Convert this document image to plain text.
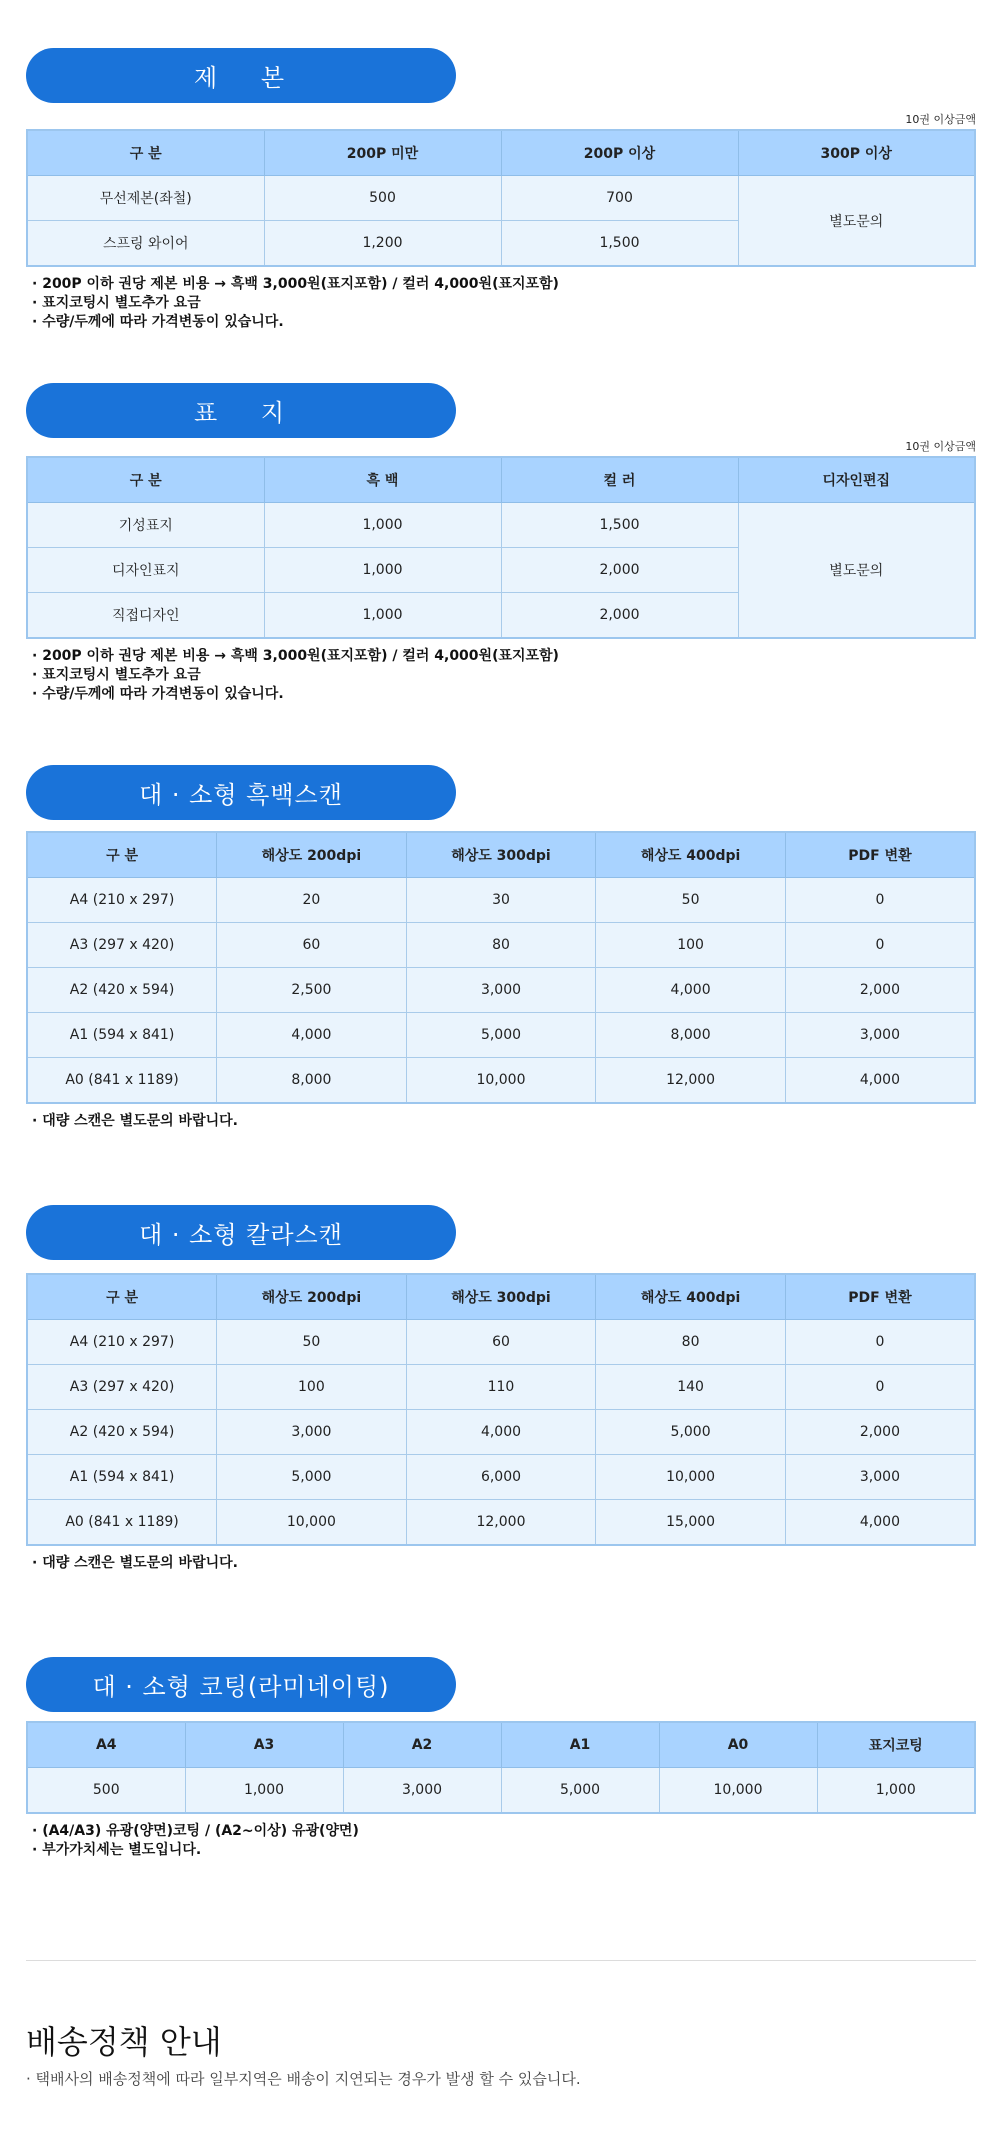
제 본
10권 이상금액
구 분	200P 미만	200P 이상	300P 이상
무선제본(좌철)	500	700	별도문의
스프링 와이어	1,200	1,500	
· 200P 이하 권당 제본 비용 → 흑백 3,000원(표지포함) / 컬러 4,000원(표지포함)
· 표지코팅시 별도추가 요금
· 수량/두께에 따라 가격변동이 있습니다.
표 지
10권 이상금액
구 분	흑 백	컬 러	디자인편집
기성표지	1,000	1,500	별도문의
디자인표지	1,000	2,000	
직접디자인	1,000	2,000	
· 200P 이하 권당 제본 비용 → 흑백 3,000원(표지포함) / 컬러 4,000원(표지포함)
· 표지코팅시 별도추가 요금
· 수량/두께에 따라 가격변동이 있습니다.
대 · 소형 흑백스캔
구 분	해상도 200dpi	해상도 300dpi	해상도 400dpi	PDF 변환
A4 (210 x 297)	20	30	50	0
A3 (297 x 420)	60	80	100	0
A2 (420 x 594)	2,500	3,000	4,000	2,000
A1 (594 x 841)	4,000	5,000	8,000	3,000
A0 (841 x 1189)	8,000	10,000	12,000	4,000
· 대량 스캔은 별도문의 바랍니다.
대 · 소형 칼라스캔
구 분	해상도 200dpi	해상도 300dpi	해상도 400dpi	PDF 변환
A4 (210 x 297)	50	60	80	0
A3 (297 x 420)	100	110	140	0
A2 (420 x 594)	3,000	4,000	5,000	2,000
A1 (594 x 841)	5,000	6,000	10,000	3,000
A0 (841 x 1189)	10,000	12,000	15,000	4,000
· 대량 스캔은 별도문의 바랍니다.
대 · 소형 코팅(라미네이팅)
A4	A3	A2	A1	A0	표지코팅
500	1,000	3,000	5,000	10,000	1,000
· (A4/A3) 유광(양면)코팅 / (A2~이상) 유광(양면)
· 부가가치세는 별도입니다.
배송정책 안내
· 택배사의 배송정책에 따라 일부지역은 배송이 지연되는 경우가 발생 할 수 있습니다.
